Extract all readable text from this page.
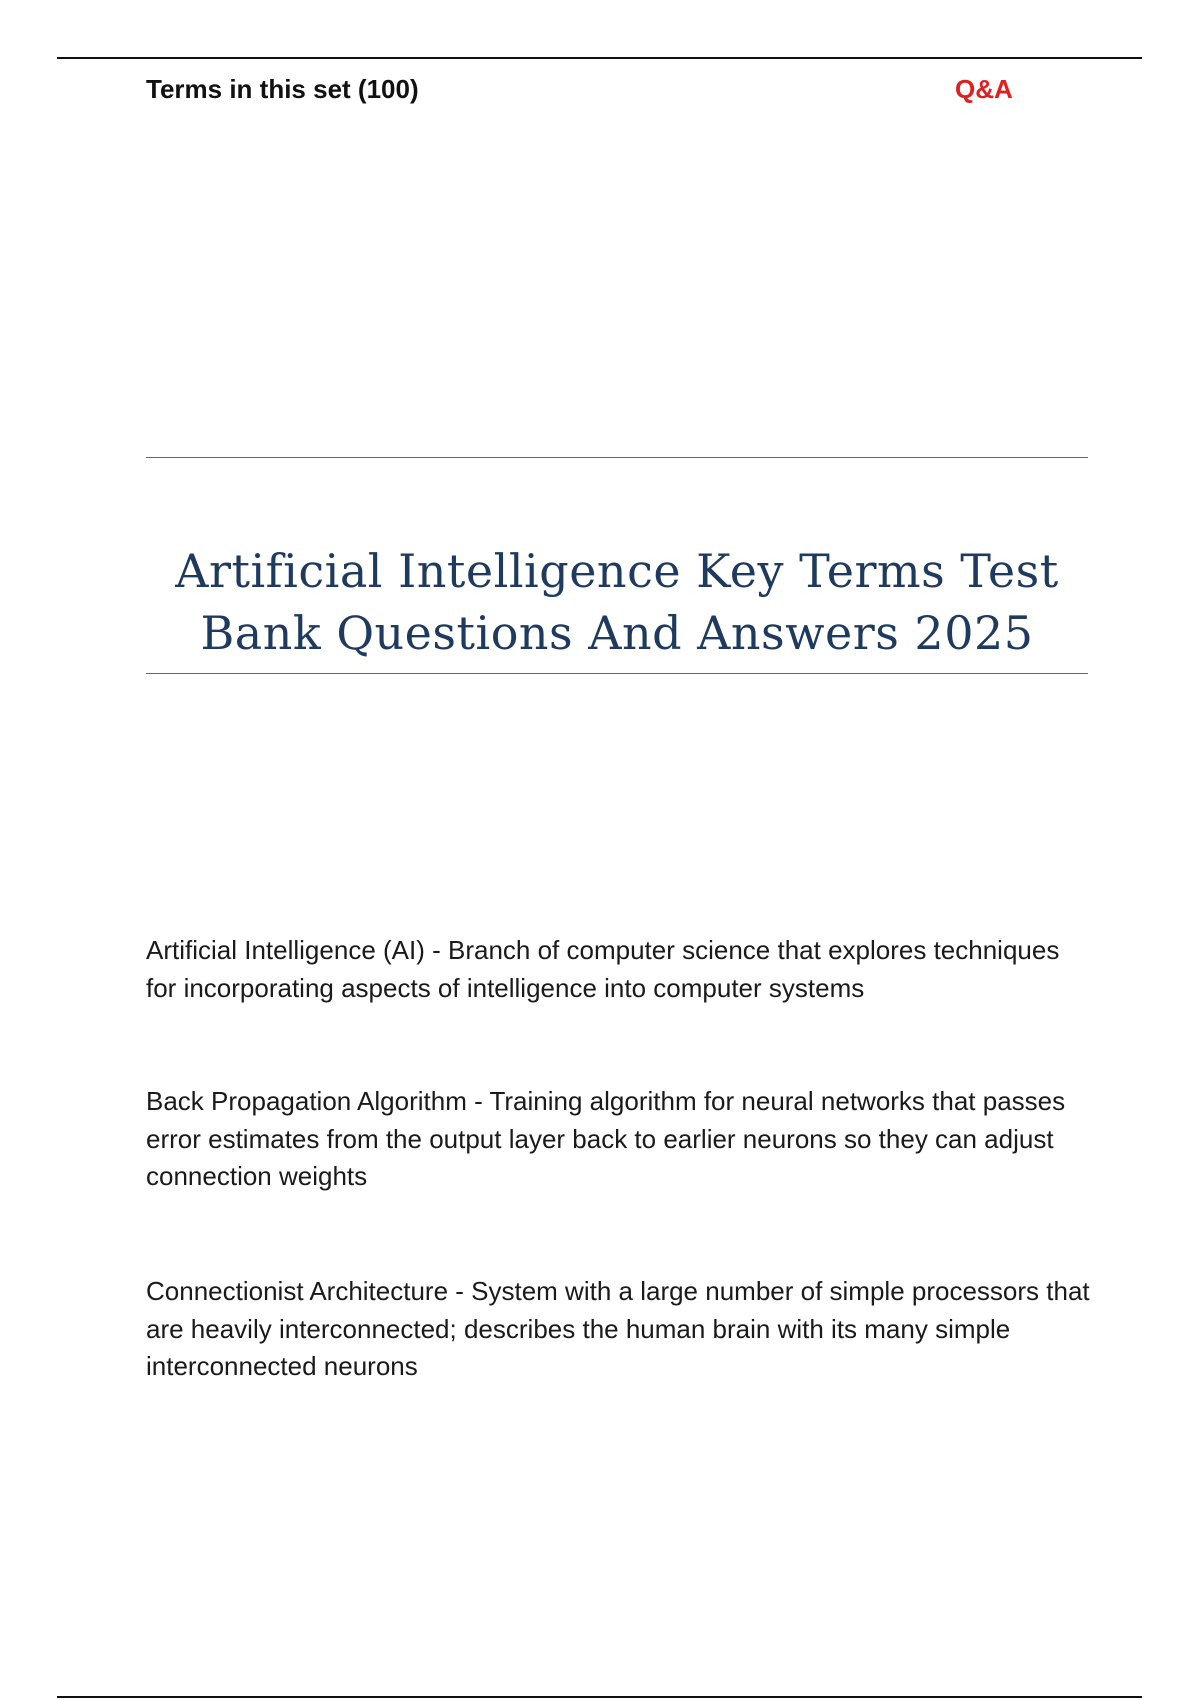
Terms in this set (100)	Q&A
Artificial Intelligence Key Terms Test
Bank Questions And Answers 2025
Artificial Intelligence (AI) - Branch of computer science that explores techniques for incorporating aspects of intelligence into computer systems
Back Propagation Algorithm - Training algorithm for neural networks that passes error estimates from the output layer back to earlier neurons so they can adjust connection weights
Connectionist Architecture - System with a large number of simple processors that are heavily interconnected; describes the human brain with its many simple interconnected neurons
